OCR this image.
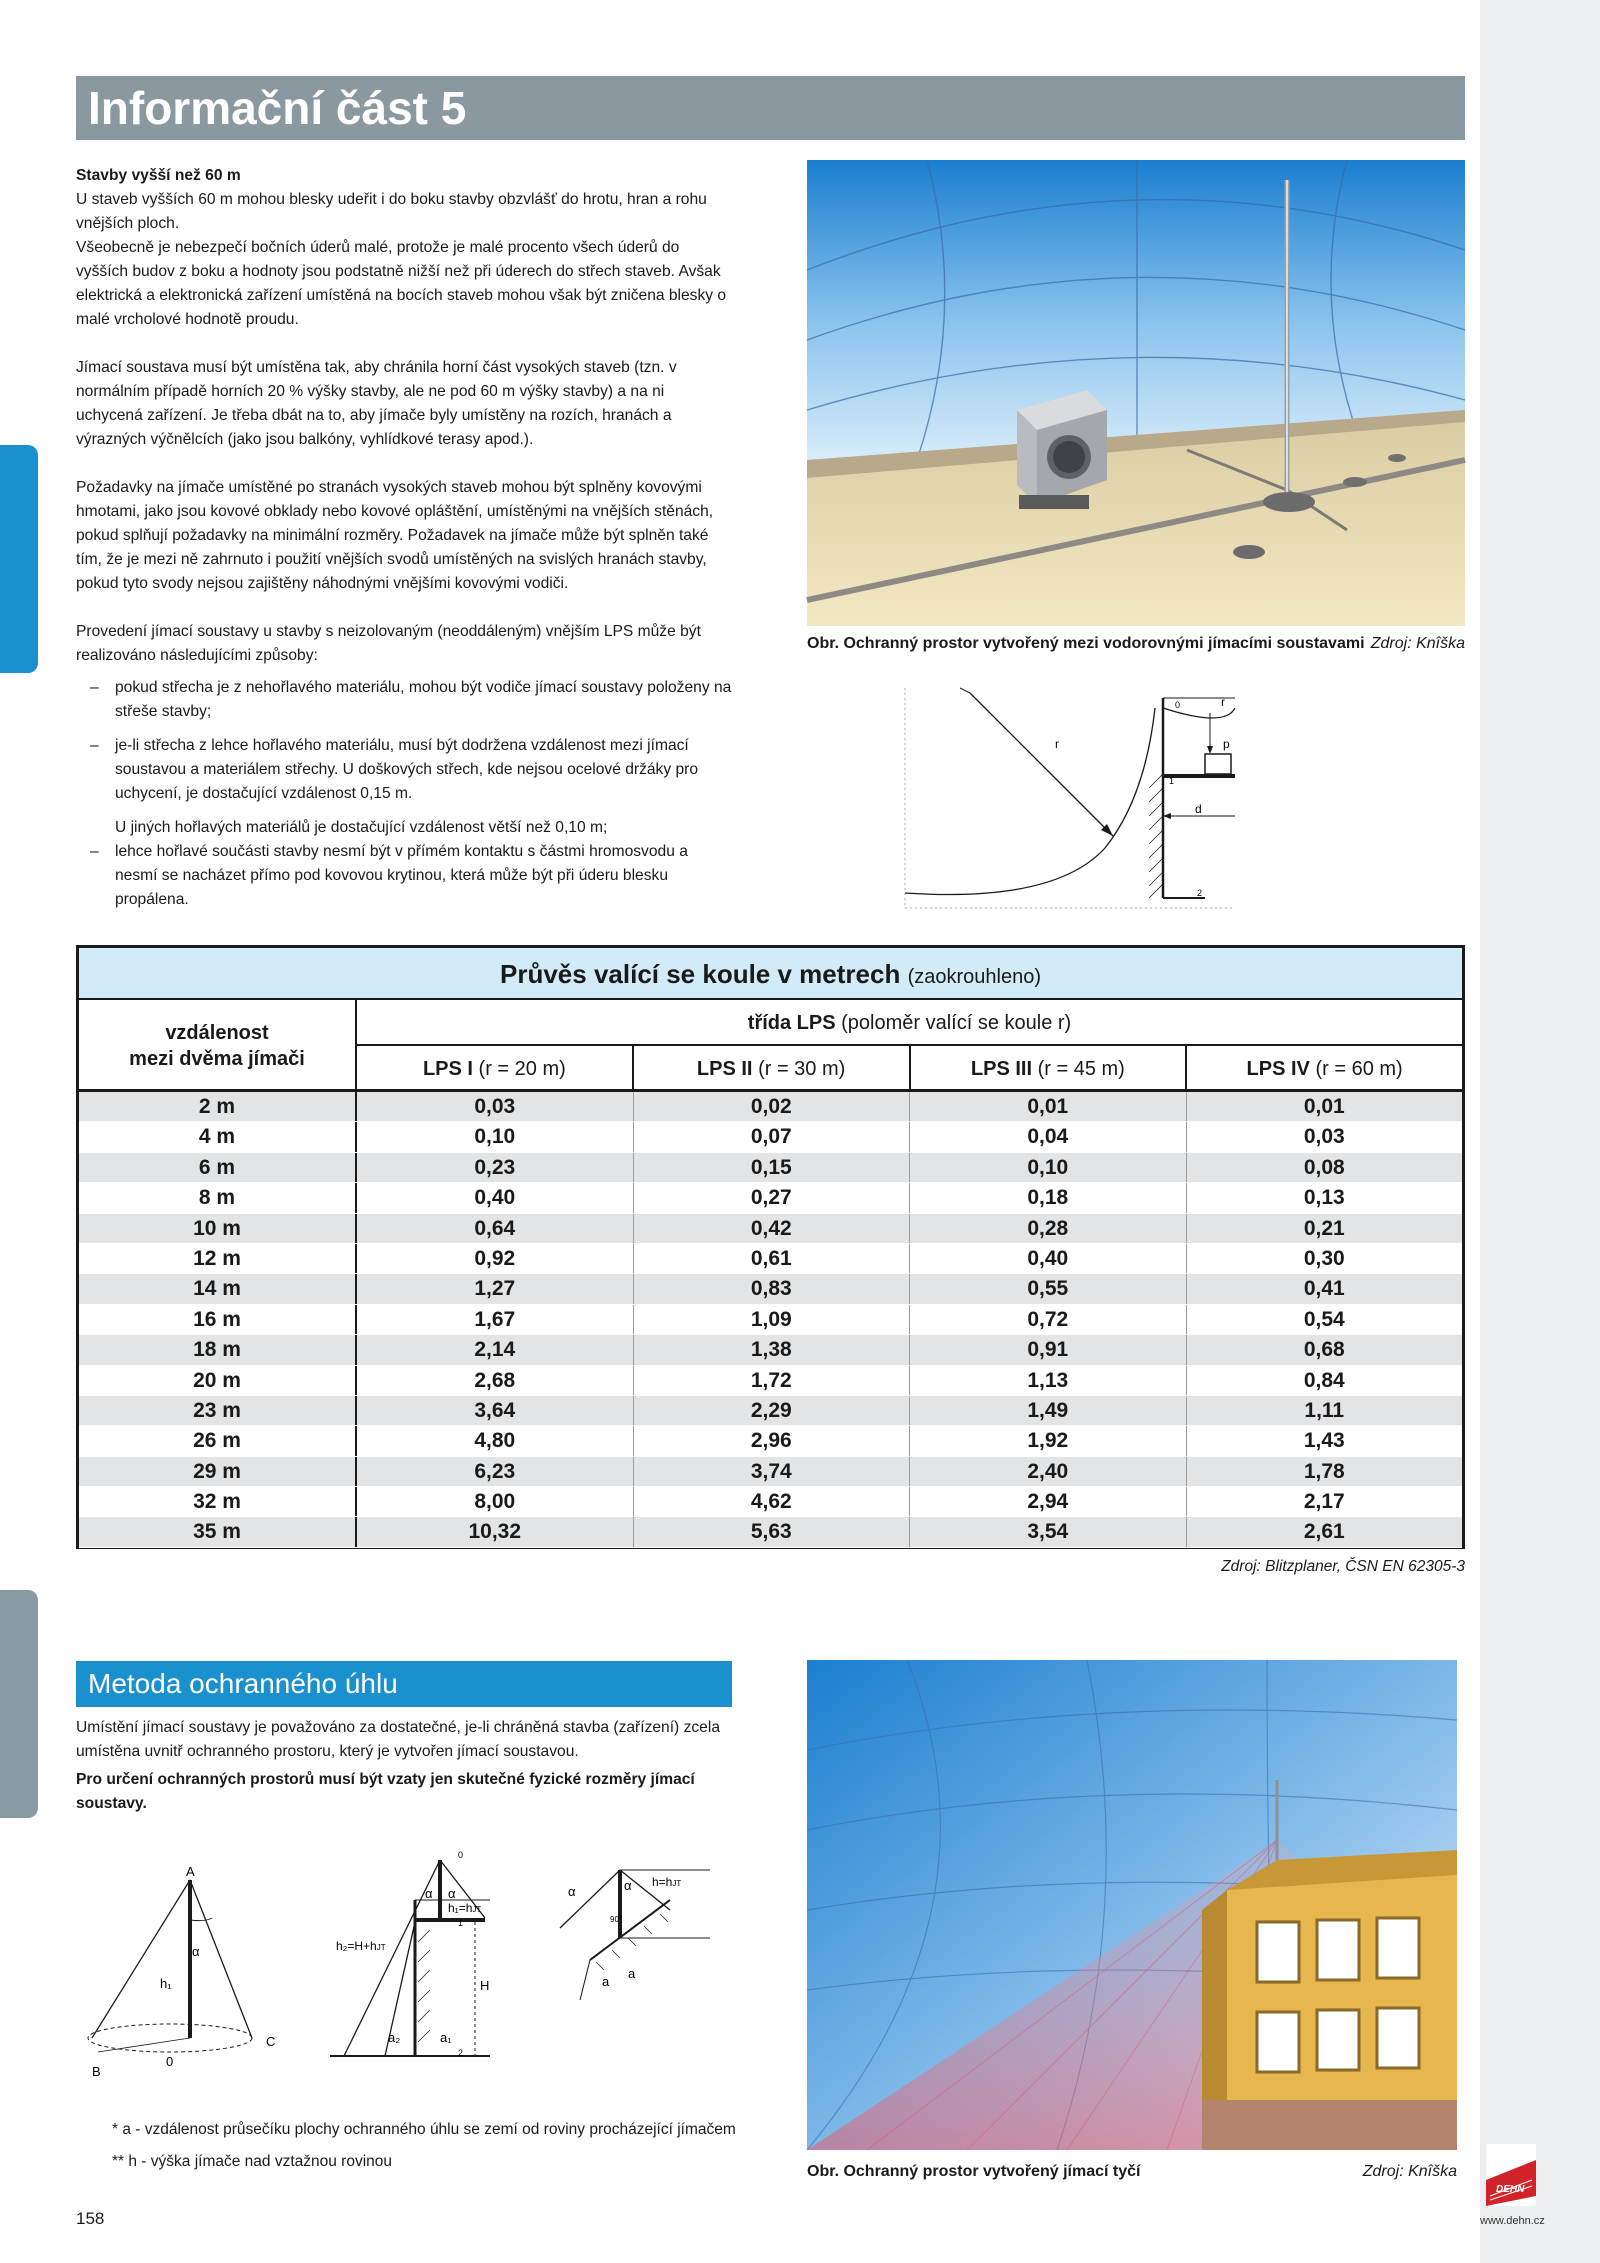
Informační část 5

Stavby vyšší než 60 m

U staveb vyšších 60 m mohou blesky udeřit i do boku stavby obzvlášť do hrotu, hran a rohu vnějších ploch.

Všeobecně je nebezpečí bočních úderů malé, protože je malé procento všech úderů do vyšších budov z boku a hodnoty jsou podstatně nižší než při úderech do střech staveb. Avšak elektrická a elektronická zařízení umístěná na bocích staveb mohou však být zničena blesky o malé vrcholové hodnotě proudu.

Jímací soustava musí být umístěna tak, aby chránila horní část vysokých staveb (tzn. v normálním případě horních 20 % výšky stavby, ale ne pod 60 m výšky stavby) a na ni uchycená zařízení. Je třeba dbát na to, aby jímače byly umístěny na rozích, hranách a výrazných výčnělcích (jako jsou balkóny, vyhlídkové terasy apod.).

Požadavky na jímače umístěné po stranách vysokých staveb mohou být splněny kovovými hmotami, jako jsou kovové obklady nebo kovové opláštění, umístěnými na vnějších stěnách, pokud splňují požadavky na minimální rozměry. Požadavek na jímače může být splněn také tím, že je mezi ně zahrnuto i použití vnějších svodů umístěných na svislých hranách stavby, pokud tyto svody nejsou zajištěny náhodnými vnějšími kovovými vodiči.

Provedení jímací soustavy u stavby s neizolovaným (neoddáleným) vnějším LPS může být realizováno následujícími způsoby:

– pokud střecha je z nehořlavého materiálu, mohou být vodiče jímací soustavy položeny na střeše stavby;
– je-li střecha z lehce hořlavého materiálu, musí být dodržena vzdálenost mezi jímací soustavou a materiálem střechy. U doškových střech, kde nejsou ocelové držáky pro uchycení, je dostačující vzdálenost 0,15 m.

U jiných hořlavých materiálů je dostačující vzdálenost větší než 0,10 m;

– lehce hořlavé součásti stavby nesmí být v přímém kontaktu s částmi hromosvodu a nesmí se nacházet přímo pod kovovou krytinou, která může být při úderu blesku propálena.
Obr. Ochranný prostor vytvořený mezi vodorovnými jímacími soustavami Zdroj: Knîška
r
r
p
d
0
1
2
Průvěs valící se koule v metrech (zaokrouhleno)
vzdálenost
mezi dvěma jímači
třída LPS (poloměr valící se koule r)
LPS I (r = 20 m)	LPS II (r = 30 m)	LPS III (r = 45 m)	LPS IV (r = 60 m)
2 m	0,03	0,02	0,01	0,01
4 m	0,10	0,07	0,04	0,03
6 m	0,23	0,15	0,10	0,08
8 m	0,40	0,27	0,18	0,13
10 m	0,64	0,42	0,28	0,21
12 m	0,92	0,61	0,40	0,30
14 m	1,27	0,83	0,55	0,41
16 m	1,67	1,09	0,72	0,54
18 m	2,14	1,38	0,91	0,68
20 m	2,68	1,72	1,13	0,84
23 m	3,64	2,29	1,49	1,11
26 m	4,80	2,96	1,92	1,43
29 m	6,23	3,74	2,40	1,78
32 m	8,00	4,62	2,94	2,17
35 m	10,32	5,63	3,54	2,61
Zdroj: Blitzplaner, ČSN EN 62305-3
Metoda ochranného úhlu

Umístění jímací soustavy je považováno za dostatečné, je-li chráněná stavba (zařízení) zcela umístěna uvnitř ochranného prostoru, který je vytvořen jímací soustavou.

Pro určení ochranných prostorů musí být vzaty jen skutečné fyzické rozměry jímací soustavy.

A
B
C
0
α
h₁
α α
h₁=hJT
h₂=H+hJT
a₂	a₁
H
0
1
2
α	α h=hJT
90°
a
a
* a - vzdálenost průsečíku plochy ochranného úhlu se zemí od roviny procházející jímačem
** h - výška jímače nad vztažnou rovinou
Obr. Ochranný prostor vytvořený jímací tyčí	Zdroj: Knîška
158
DEHN
www.dehn.cz
